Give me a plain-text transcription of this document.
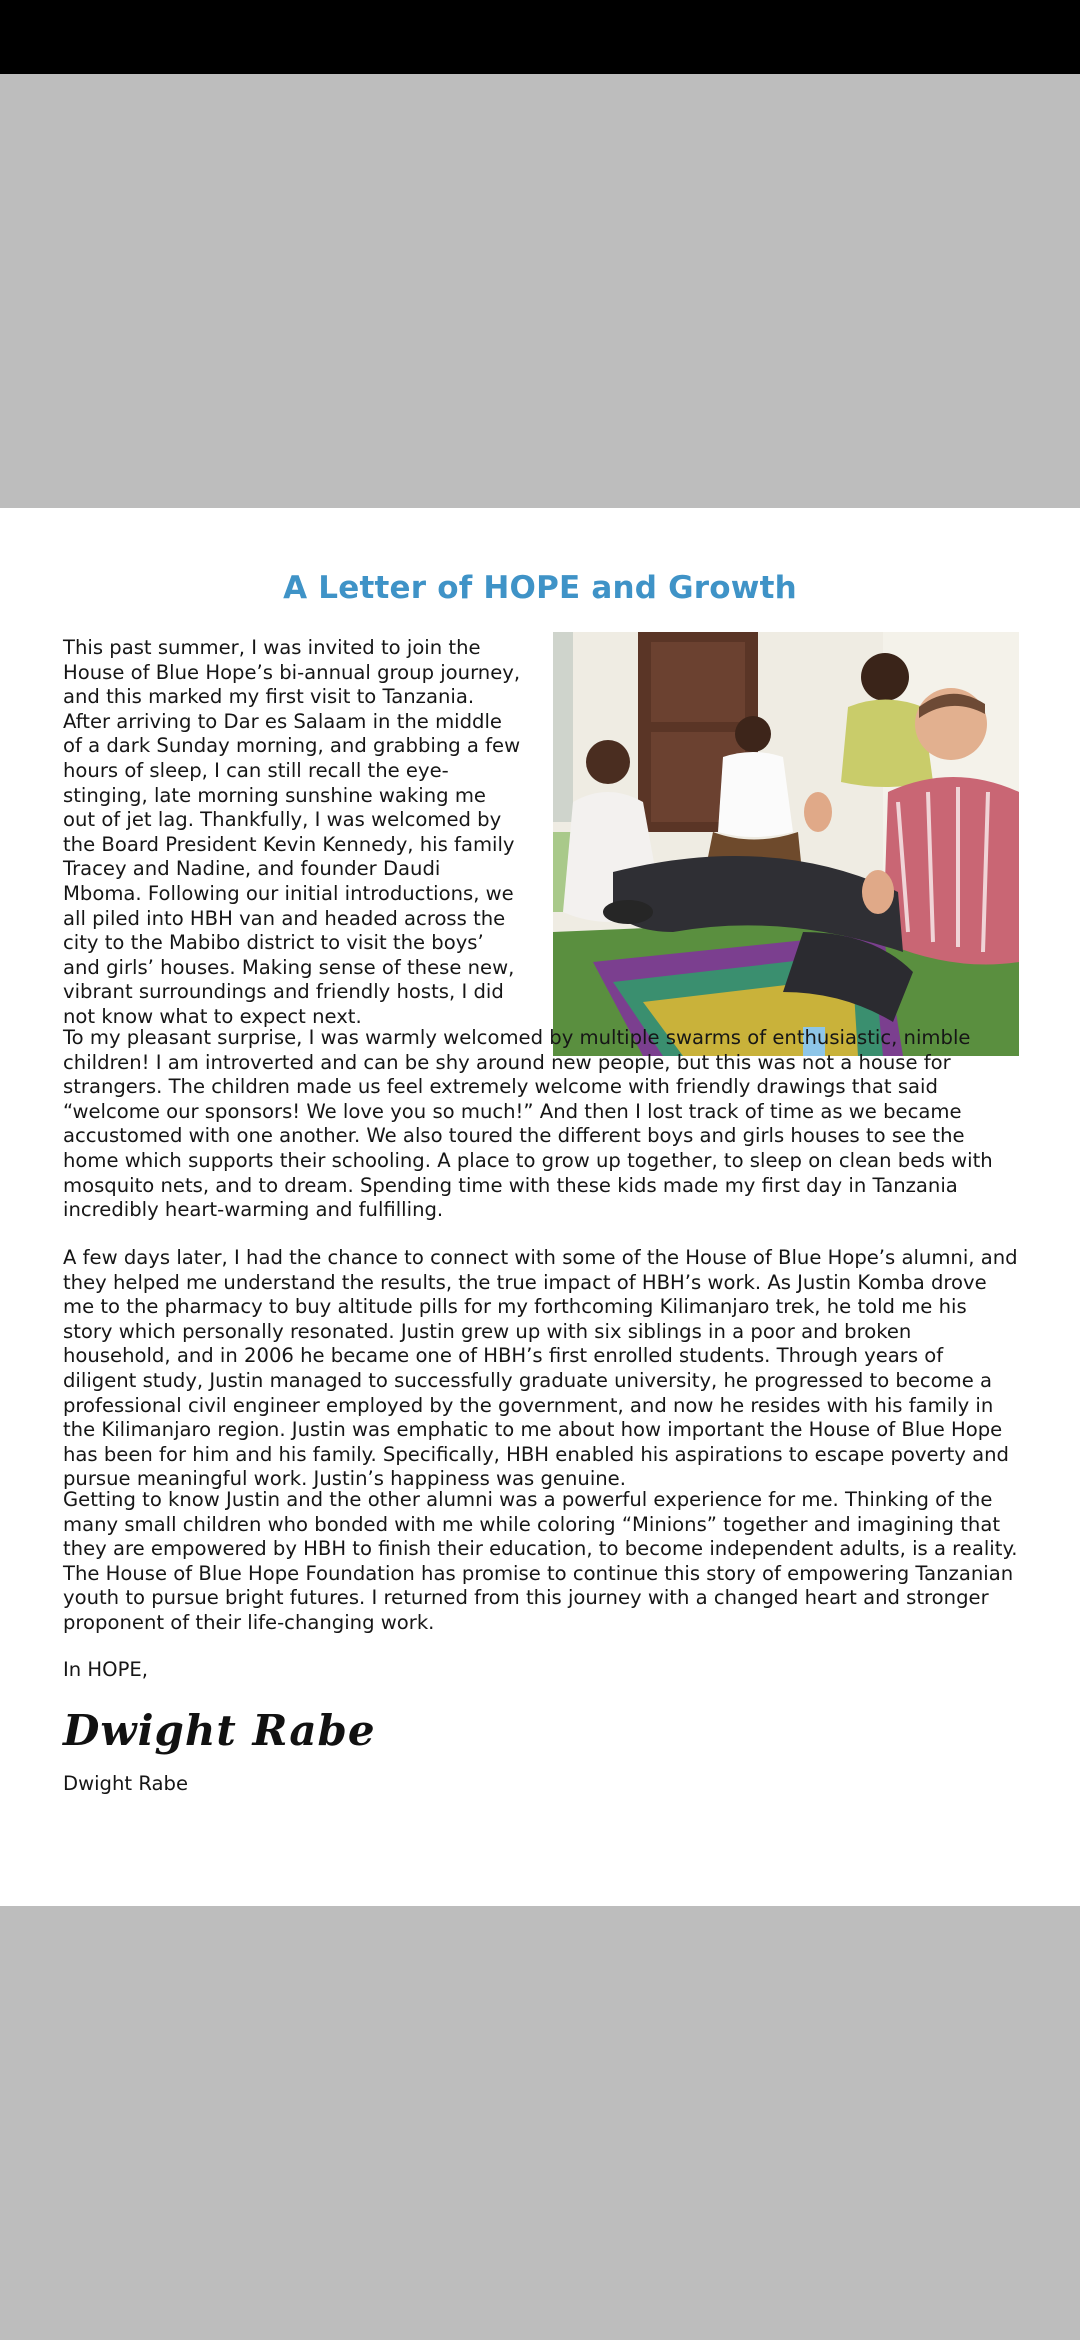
A Letter of HOPE and Growth

This past summer, I was invited to join the House of Blue Hope’s bi-annual group journey, and this marked my first visit to Tanzania. After arriving to Dar es Salaam in the middle of a dark Sunday morning, and grabbing a few hours of sleep, I can still recall the eye-stinging, late morning sunshine waking me out of jet lag. Thankfully, I was welcomed by the Board President Kevin Kennedy, his family Tracey and Nadine, and founder Daudi Mboma. Following our initial introductions, we all piled into HBH van and headed across the city to the Mabibo district to visit the boys’ and girls’ houses. Making sense of these new, vibrant surroundings and friendly hosts, I did not know what to expect next.

To my pleasant surprise, I was warmly welcomed by multiple swarms of enthusiastic, nimble children! I am introverted and can be shy around new people, but this was not a house for strangers. The children made us feel extremely welcome with friendly drawings that said “welcome our sponsors! We love you so much!” And then I lost track of time as we became accustomed with one another. We also toured the different boys and girls houses to see the home which supports their schooling. A place to grow up together, to sleep on clean beds with mosquito nets, and to dream. Spending time with these kids made my first day in Tanzania incredibly heart-warming and fulfilling.

A few days later, I had the chance to connect with some of the House of Blue Hope’s alumni, and they helped me understand the results, the true impact of HBH’s work. As Justin Komba drove me to the pharmacy to buy altitude pills for my forthcoming Kilimanjaro trek, he told me his story which personally resonated. Justin grew up with six siblings in a poor and broken household, and in 2006 he became one of HBH’s first enrolled students. Through years of diligent study, Justin managed to successfully graduate university, he progressed to become a professional civil engineer employed by the government, and now he resides with his family in the Kilimanjaro region. Justin was emphatic to me about how important the House of Blue Hope has been for him and his family. Specifically, HBH enabled his aspirations to escape poverty and pursue meaningful work. Justin’s happiness was genuine.

Getting to know Justin and the other alumni was a powerful experience for me. Thinking of the many small children who bonded with me while coloring “Minions” together and imagining that they are empowered by HBH to finish their education, to become independent adults, is a reality. The House of Blue Hope Foundation has promise to continue this story of empowering Tanzanian youth to pursue bright futures. I returned from this journey with a changed heart and stronger proponent of their life-changing work.

In HOPE,
Dwight Rabe
Dwight Rabe
